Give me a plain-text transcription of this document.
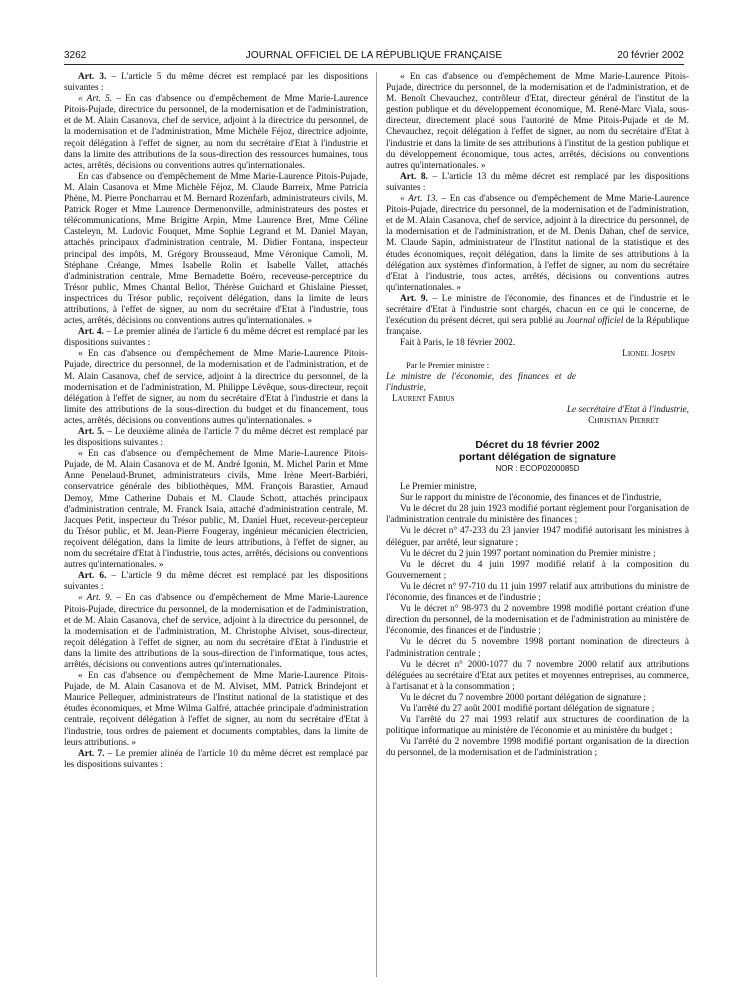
3262	JOURNAL OFFICIEL DE LA RÉPUBLIQUE FRANÇAISE	20 février 2002

Art. 3. – L'article 5 du même décret est remplacé par les dispositions suivantes :

« Art. 5. – En cas d'absence ou d'empêchement de Mme Marie-Laurence Pitois-Pujade, directrice du personnel, de la modernisation et de l'administration, et de M. Alain Casanova, chef de service, adjoint à la directrice du personnel, de la modernisation et de l'administration, Mme Michèle Féjoz, directrice adjointe, reçoit délégation à l'effet de signer, au nom du secrétaire d'Etat à l'industrie et dans la limite des attributions de la sous-direction des ressources humaines, tous actes, arrêtés, décisions ou conventions autres qu'internationales.

En cas d'absence ou d'empêchement de Mme Marie-Laurence Pitois-Pujade, M. Alain Casanova et Mme Michèle Féjoz, M. Claude Barreix, Mme Patricia Phène, M. Pierre Poncharrau et M. Bernard Rozenfarb, administrateurs civils, M. Patrick Roger et Mme Laurence Dermenonville, administrateurs des postes et télécommunications, Mme Brigitte Arpin, Mme Laurence Bret, Mme Céline Casteleyn, M. Ludovic Fouquet, Mme Sophie Legrand et M. Daniel Mayan, attachés principaux d'administration centrale, M. Didier Fontana, inspecteur principal des impôts, M. Grégory Brousseaud, Mme Véronique Camoli, M. Stéphane Créange, Mmes Isabelle Rolin et Isabelle Vallet, attachés d'administration centrale, Mme Bernadette Boéro, receveuse-perceptrice du Trésor public, Mmes Chantal Bellot, Thérèse Guichard et Ghislaine Piesset, inspectrices du Trésor public, reçoivent délégation, dans la limite de leurs attributions, à l'effet de signer, au nom du secrétaire d'Etat à l'industrie, tous actes, arrêtés, décisions ou conventions autres qu'internationales. »

Art. 4. – Le premier alinéa de l'article 6 du même décret est remplacé par les dispositions suivantes :

« En cas d'absence ou d'empêchement de Mme Marie-Laurence Pitois-Pujade, directrice du personnel, de la modernisation et de l'administration, et de M. Alain Casanova, chef de service, adjoint à la directrice du personnel, de la modernisation et de l'administration, M. Philippe Lévêque, sous-directeur, reçoit délégation à l'effet de signer, au nom du secrétaire d'Etat à l'industrie et dans la limite des attributions de la sous-direction du budget et du financement, tous actes, arrêtés, décisions ou conventions autres qu'internationales. »

Art. 5. – Le deuxième alinéa de l'article 7 du même décret est remplacé par les dispositions suivantes :

« En cas d'absence ou d'empêchement de Mme Marie-Laurence Pitois-Pujade, de M. Alain Casanova et de M. André Igonin, M. Michel Parin et Mme Anne Penelaud-Brunet, administrateurs civils, Mme Irène Meert-Barbiéri, conservatrice générale des bibliothèques, MM. François Barastier, Arnaud Demoy, Mme Catherine Dubais et M. Claude Schott, attachés principaux d'administration centrale, M. Franck Isaia, attaché d'administration centrale, M. Jacques Petit, inspecteur du Trésor public, M. Daniel Huet, receveur-percepteur du Trésor public, et M. Jean-Pierre Fougeray, ingénieur mécanicien électricien, reçoivent délégation, dans la limite de leurs attributions, à l'effet de signer, au nom du secrétaire d'Etat à l'industrie, tous actes, arrêtés, décisions ou conventions autres qu'internationales. »

Art. 6. – L'article 9 du même décret est remplacé par les dispositions suivantes :

« Art. 9. – En cas d'absence ou d'empêchement de Mme Marie-Laurence Pitois-Pujade, directrice du personnel, de la modernisation et de l'administration, et de M. Alain Casanova, chef de service, adjoint à la directrice du personnel, de la modernisation et de l'administration, M. Christophe Alviset, sous-directeur, reçoit délégation à l'effet de signer, au nom du secrétaire d'Etat à l'industrie et dans la limite des attributions de la sous-direction de l'informatique, tous actes, arrêtés, décisions ou conventions autres qu'internationales.

« En cas d'absence ou d'empêchement de Mme Marie-Laurence Pitois-Pujade, de M. Alain Casanova et de M. Alviset, MM. Patrick Brindejont et Maurice Pellequer, administrateurs de l'Institut national de la statistique et des études économiques, et Mme Wilma Galfré, attachée principale d'administration centrale, reçoivent délégation à l'effet de signer, au nom du secrétaire d'Etat à l'industrie, tous ordres de paiement et documents comptables, dans la limite de leurs attributions. »

Art. 7. – Le premier alinéa de l'article 10 du même décret est remplacé par les dispositions suivantes :

« En cas d'absence ou d'empêchement de Mme Marie-Laurence Pitois-Pujade, directrice du personnel, de la modernisation et de l'administration, et de M. Benoît Chevauchez, contrôleur d'Etat, directeur général de l'institut de la gestion publique et du développement économique, M. René-Marc Viala, sous-directeur, directement placé sous l'autorité de Mme Pitois-Pujade et de M. Chevauchez, reçoit délégation à l'effet de signer, au nom du secrétaire d'Etat à l'industrie et dans la limite de ses attributions à l'institut de la gestion publique et du développement économique, tous actes, arrêtés, décisions ou conventions autres qu'internationales. »

Art. 8. – L'article 13 du même décret est remplacé par les dispositions suivantes :

« Art. 13. – En cas d'absence ou d'empêchement de Mme Marie-Laurence Pitois-Pujade, directrice du personnel, de la modernisation et de l'administration, et de M. Alain Casanova, chef de service, adjoint à la directrice du personnel, de la modernisation et de l'administration, et de M. Denis Dahan, chef de service, M. Claude Sapin, administrateur de l'Institut national de la statistique et des études économiques, reçoit délégation, dans la limite de ses attributions à la délégation aux systèmes d'information, à l'effet de signer, au nom du secrétaire d'Etat à l'industrie, tous actes, arrêtés, décisions ou conventions autres qu'internationales. »

Art. 9. – Le ministre de l'économie, des finances et de l'industrie et le secrétaire d'Etat à l'industrie sont chargés, chacun en ce qui le concerne, de l'exécution du présent décret, qui sera publié au Journal officiel de la République française.

Fait à Paris, le 18 février 2002.

Lionel Jospin

Par le Premier ministre :

Le ministre de l'économie, des finances et de l'industrie,

Laurent Fabius

Le secrétaire d'Etat à l'industrie,

Christian Pierret

Décret du 18 février 2002
portant délégation de signature
NOR : ECOP0200085D

Le Premier ministre,

Sur le rapport du ministre de l'économie, des finances et de l'industrie,

Vu le décret du 28 juin 1923 modifié portant règlement pour l'organisation de l'administration centrale du ministère des finances ;

Vu le décret n° 47-233 du 23 janvier 1947 modifié autorisant les ministres à déléguer, par arrêté, leur signature ;

Vu le décret du 2 juin 1997 portant nomination du Premier ministre ;

Vu le décret du 4 juin 1997 modifié relatif à la composition du Gouvernement ;

Vu le décret n° 97-710 du 11 juin 1997 relatif aux attributions du ministre de l'économie, des finances et de l'industrie ;

Vu le décret n° 98-973 du 2 novembre 1998 modifié portant création d'une direction du personnel, de la modernisation et de l'administration au ministère de l'économie, des finances et de l'industrie ;

Vu le décret du 5 novembre 1998 portant nomination de directeurs à l'administration centrale ;

Vu le décret n° 2000-1077 du 7 novembre 2000 relatif aux attributions déléguées au secrétaire d'Etat aux petites et moyennes entreprises, au commerce, à l'artisanat et à la consommation ;

Vu le décret du 7 novembre 2000 portant délégation de signature ;

Vu l'arrêté du 27 août 2001 modifié portant délégation de signature ;

Vu l'arrêté du 27 mai 1993 relatif aux structures de coordination de la politique informatique au ministère de l'économie et au ministère du budget ;

Vu l'arrêté du 2 novembre 1998 modifié portant organisation de la direction du personnel, de la modernisation et de l'administration ;
